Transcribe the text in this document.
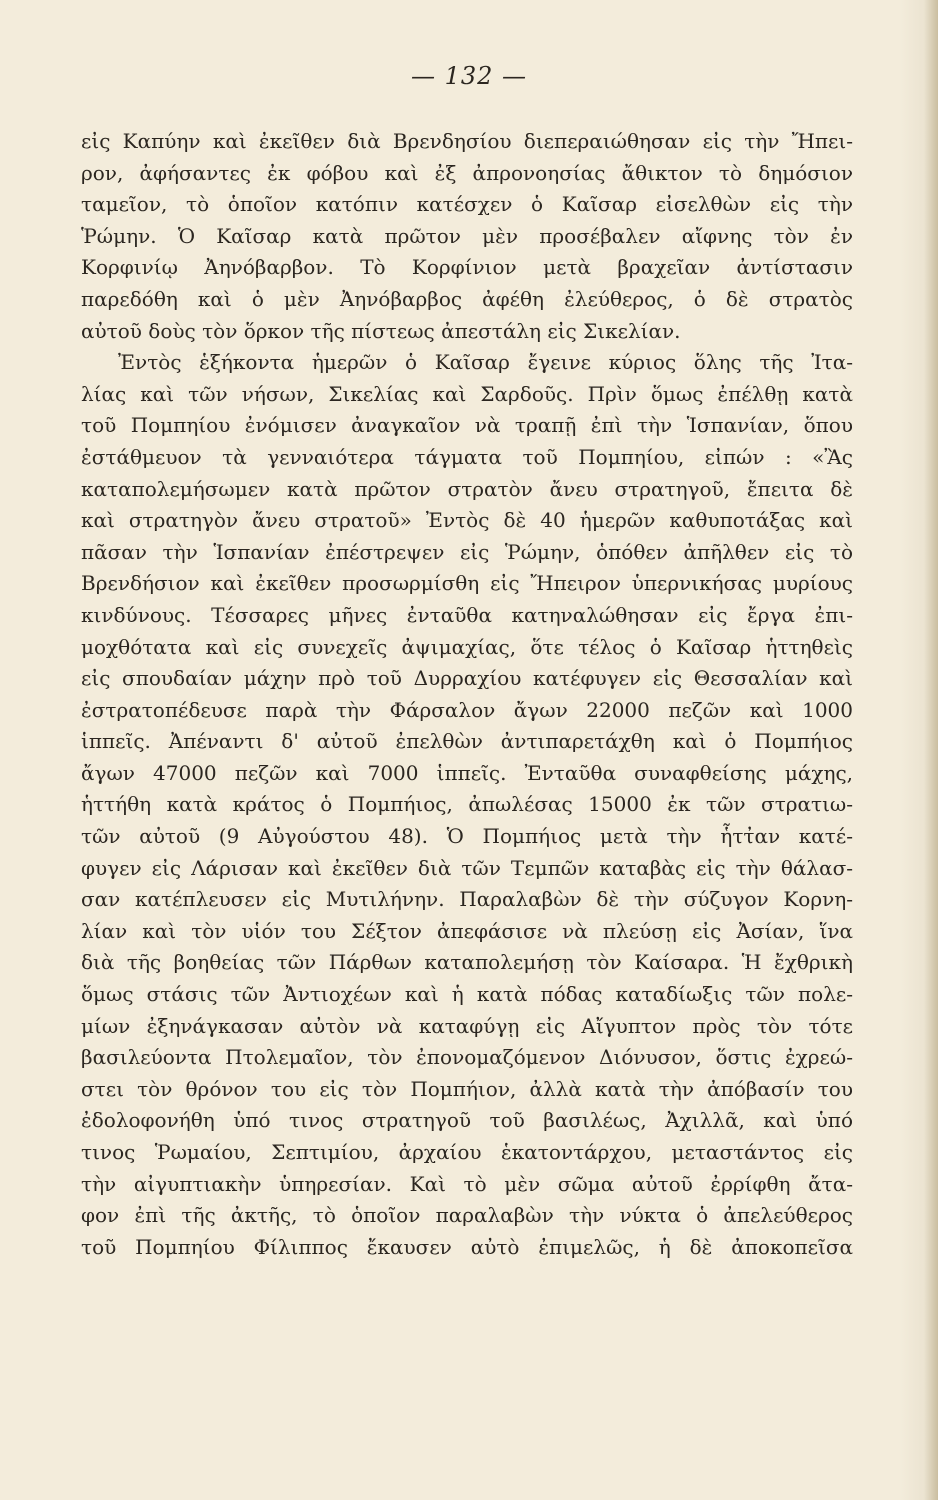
— 132 —
εἰς Καπύην καὶ ἐκεῖθεν διὰ Βρενδησίου διεπεραιώθησαν εἰς τὴν Ἤπει-
ρον, ἀφήσαντες ἐκ φόβου καὶ ἐξ ἀπρονοησίας ἄθικτον τὸ δημόσιον
ταμεῖον, τὸ ὁποῖον κατόπιν κατέσχεν ὁ Καῖσαρ εἰσελθὼν εἰς τὴν
Ῥώμην. Ὁ Καῖσαρ κατὰ πρῶτον μὲν προσέβαλεν αἴφνης τὸν ἐν
Κορφινίῳ Ἀηνόβαρβον. Τὸ Κορφίνιον μετὰ βραχεῖαν ἀντίστασιν
παρεδόθη καὶ ὁ μὲν Ἀηνόβαρβος ἀφέθη ἐλεύθερος, ὁ δὲ στρατὸς
αὐτοῦ δοὺς τὸν ὅρκον τῆς πίστεως ἀπεστάλη εἰς Σικελίαν.
Ἐντὸς ἑξήκοντα ἡμερῶν ὁ Καῖσαρ ἔγεινε κύριος ὅλης τῆς Ἰτα-
λίας καὶ τῶν νήσων, Σικελίας καὶ Σαρδοῦς. Πρὶν ὅμως ἐπέλθῃ κατὰ
τοῦ Πομπηίου ἐνόμισεν ἀναγκαῖον νὰ τραπῇ ἐπὶ τὴν Ἱσπανίαν, ὅπου
ἐστάθμευον τὰ γενναιότερα τάγματα τοῦ Πομπηίου, εἰπών : «Ἂς
καταπολεμήσωμεν κατὰ πρῶτον στρατὸν ἄνευ στρατηγοῦ, ἔπειτα δὲ
καὶ στρατηγὸν ἄνευ στρατοῦ» Ἐντὸς δὲ 40 ἡμερῶν καθυποτάξας καὶ
πᾶσαν τὴν Ἱσπανίαν ἐπέστρεψεν εἰς Ῥώμην, ὁπόθεν ἀπῆλθεν εἰς τὸ
Βρενδήσιον καὶ ἐκεῖθεν προσωρμίσθη εἰς Ἤπειρον ὑπερνικήσας μυρίους
κινδύνους. Τέσσαρες μῆνες ἐνταῦθα κατηναλώθησαν εἰς ἔργα ἐπι-
μοχθότατα καὶ εἰς συνεχεῖς ἀψιμαχίας, ὅτε τέλος ὁ Καῖσαρ ἡττηθεὶς
εἰς σπουδαίαν μάχην πρὸ τοῦ Δυρραχίου κατέφυγεν εἰς Θεσσαλίαν καὶ
ἐστρατοπέδευσε παρὰ τὴν Φάρσαλον ἄγων 22000 πεζῶν καὶ 1000
ἱππεῖς. Ἀπέναντι δ' αὐτοῦ ἐπελθὼν ἀντιπαρετάχθη καὶ ὁ Πομπήιος
ἄγων 47000 πεζῶν καὶ 7000 ἱππεῖς. Ἐνταῦθα συναφθείσης μάχης,
ἡττήθη κατὰ κράτος ὁ Πομπήιος, ἀπωλέσας 15000 ἐκ τῶν στρατιω-
τῶν αὐτοῦ (9 Αὐγούστου 48). Ὁ Πομπήιος μετὰ τὴν ἧττ̓αν κατέ-
φυγεν εἰς Λάρισαν καὶ ἐκεῖθεν διὰ τῶν Τεμπῶν καταβὰς εἰς τὴν θάλασ-
σαν κατέπλευσεν εἰς Μυτιλήνην. Παραλαβὼν δὲ τὴν σύζυγον Κορνη-
λίαν καὶ τὸν υἱόν του Σέξτον ἀπεφάσισε νὰ πλεύσῃ εἰς Ἀσίαν, ἵνα
διὰ τῆς βοηθείας τῶν Πάρθων καταπολεμήσῃ τὸν Καίσαρα. Ἡ ἔχθρικὴ
ὅμως στάσις τῶν Ἀντιοχέων καὶ ἡ κατὰ πόδας καταδίωξις τῶν πολε-
μίων ἐξηνάγκασαν αὐτὸν νὰ καταφύγῃ εἰς Αἴγυπτον πρὸς τὸν τότε
βασιλεύοντα Πτολεμαῖον, τὸν ἐπονομαζόμενον Διόνυσον, ὅστις ἐχρεώ-
στει τὸν θρόνον του εἰς τὸν Πομπήιον, ἀλλὰ κατὰ τὴν ἀπόβασίν του
ἐδολοφονήθη ὑπό τινος στρατηγοῦ τοῦ βασιλέως, Ἀχιλλᾶ, καὶ ὑπό
τινος Ῥωμαίου, Σεπτιμίου, ἀρχαίου ἑκατοντάρχου, μεταστάντος εἰς
τὴν αἰγυπτιακὴν ὑπηρεσίαν. Καὶ τὸ μὲν σῶμα αὐτοῦ ἐρρίφθη ἄτα-
φον ἐπὶ τῆς ἀκτῆς, τὸ ὁποῖον παραλαβὼν τὴν νύκτα ὁ ἀπελεύθερος
τοῦ Πομπηίου Φίλιππος ἔκαυσεν αὐτὸ ἐπιμελῶς, ἡ δὲ ἀποκοπεῖσα
